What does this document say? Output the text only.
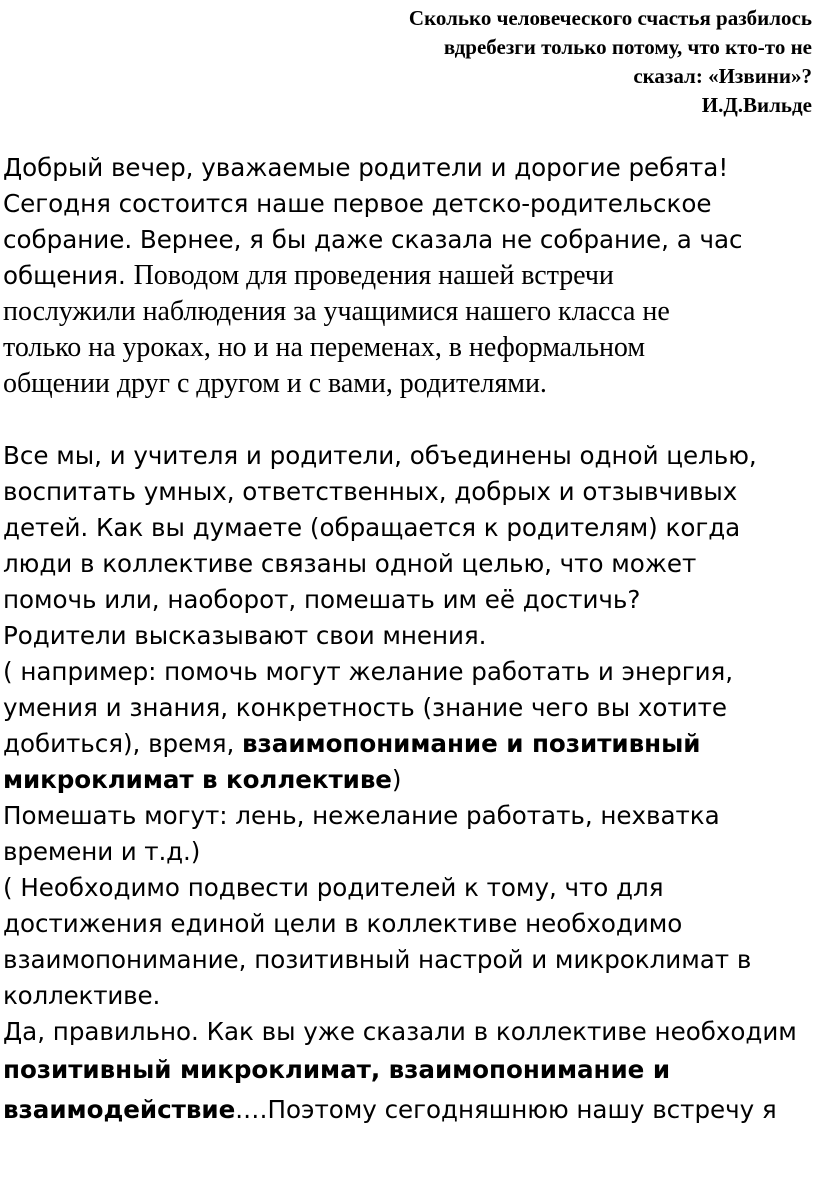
Сколько человеческого счастья разбилось
вдребезги только потому, что кто-то не
сказал: «Извини»?
И.Д.Вильде
Добрый вечер, уважаемые родители и дорогие ребята!
Сегодня состоится наше первое детско-родительское
собрание. Вернее, я бы даже сказала не собрание, а час
общения. Поводом для проведения нашей встречи
послужили наблюдения за учащимися нашего класса не
только на уроках, но и на переменах, в неформальном
общении друг с другом и с вами, родителями.
Все мы, и учителя и родители, объединены одной целью,
воспитать умных, ответственных, добрых и отзывчивых
детей. Как вы думаете (обращается к родителям) когда
люди в коллективе связаны одной целью, что может
помочь или, наоборот, помешать им её достичь?
Родители высказывают свои мнения.
( например: помочь могут желание работать и энергия,
умения и знания, конкретность (знание чего вы хотите
добиться), время, взаимопонимание и позитивный
микроклимат в коллективе)
Помешать могут: лень, нежелание работать, нехватка
времени и т.д.)
( Необходимо подвести родителей к тому, что для
достижения единой цели в коллективе необходимо
взаимопонимание, позитивный настрой и микроклимат в
коллективе.
Да, правильно. Как вы уже сказали в коллективе необходим
позитивный микроклимат, взаимопонимание и
взаимодействие.…Поэтому сегодняшнюю нашу встречу я
